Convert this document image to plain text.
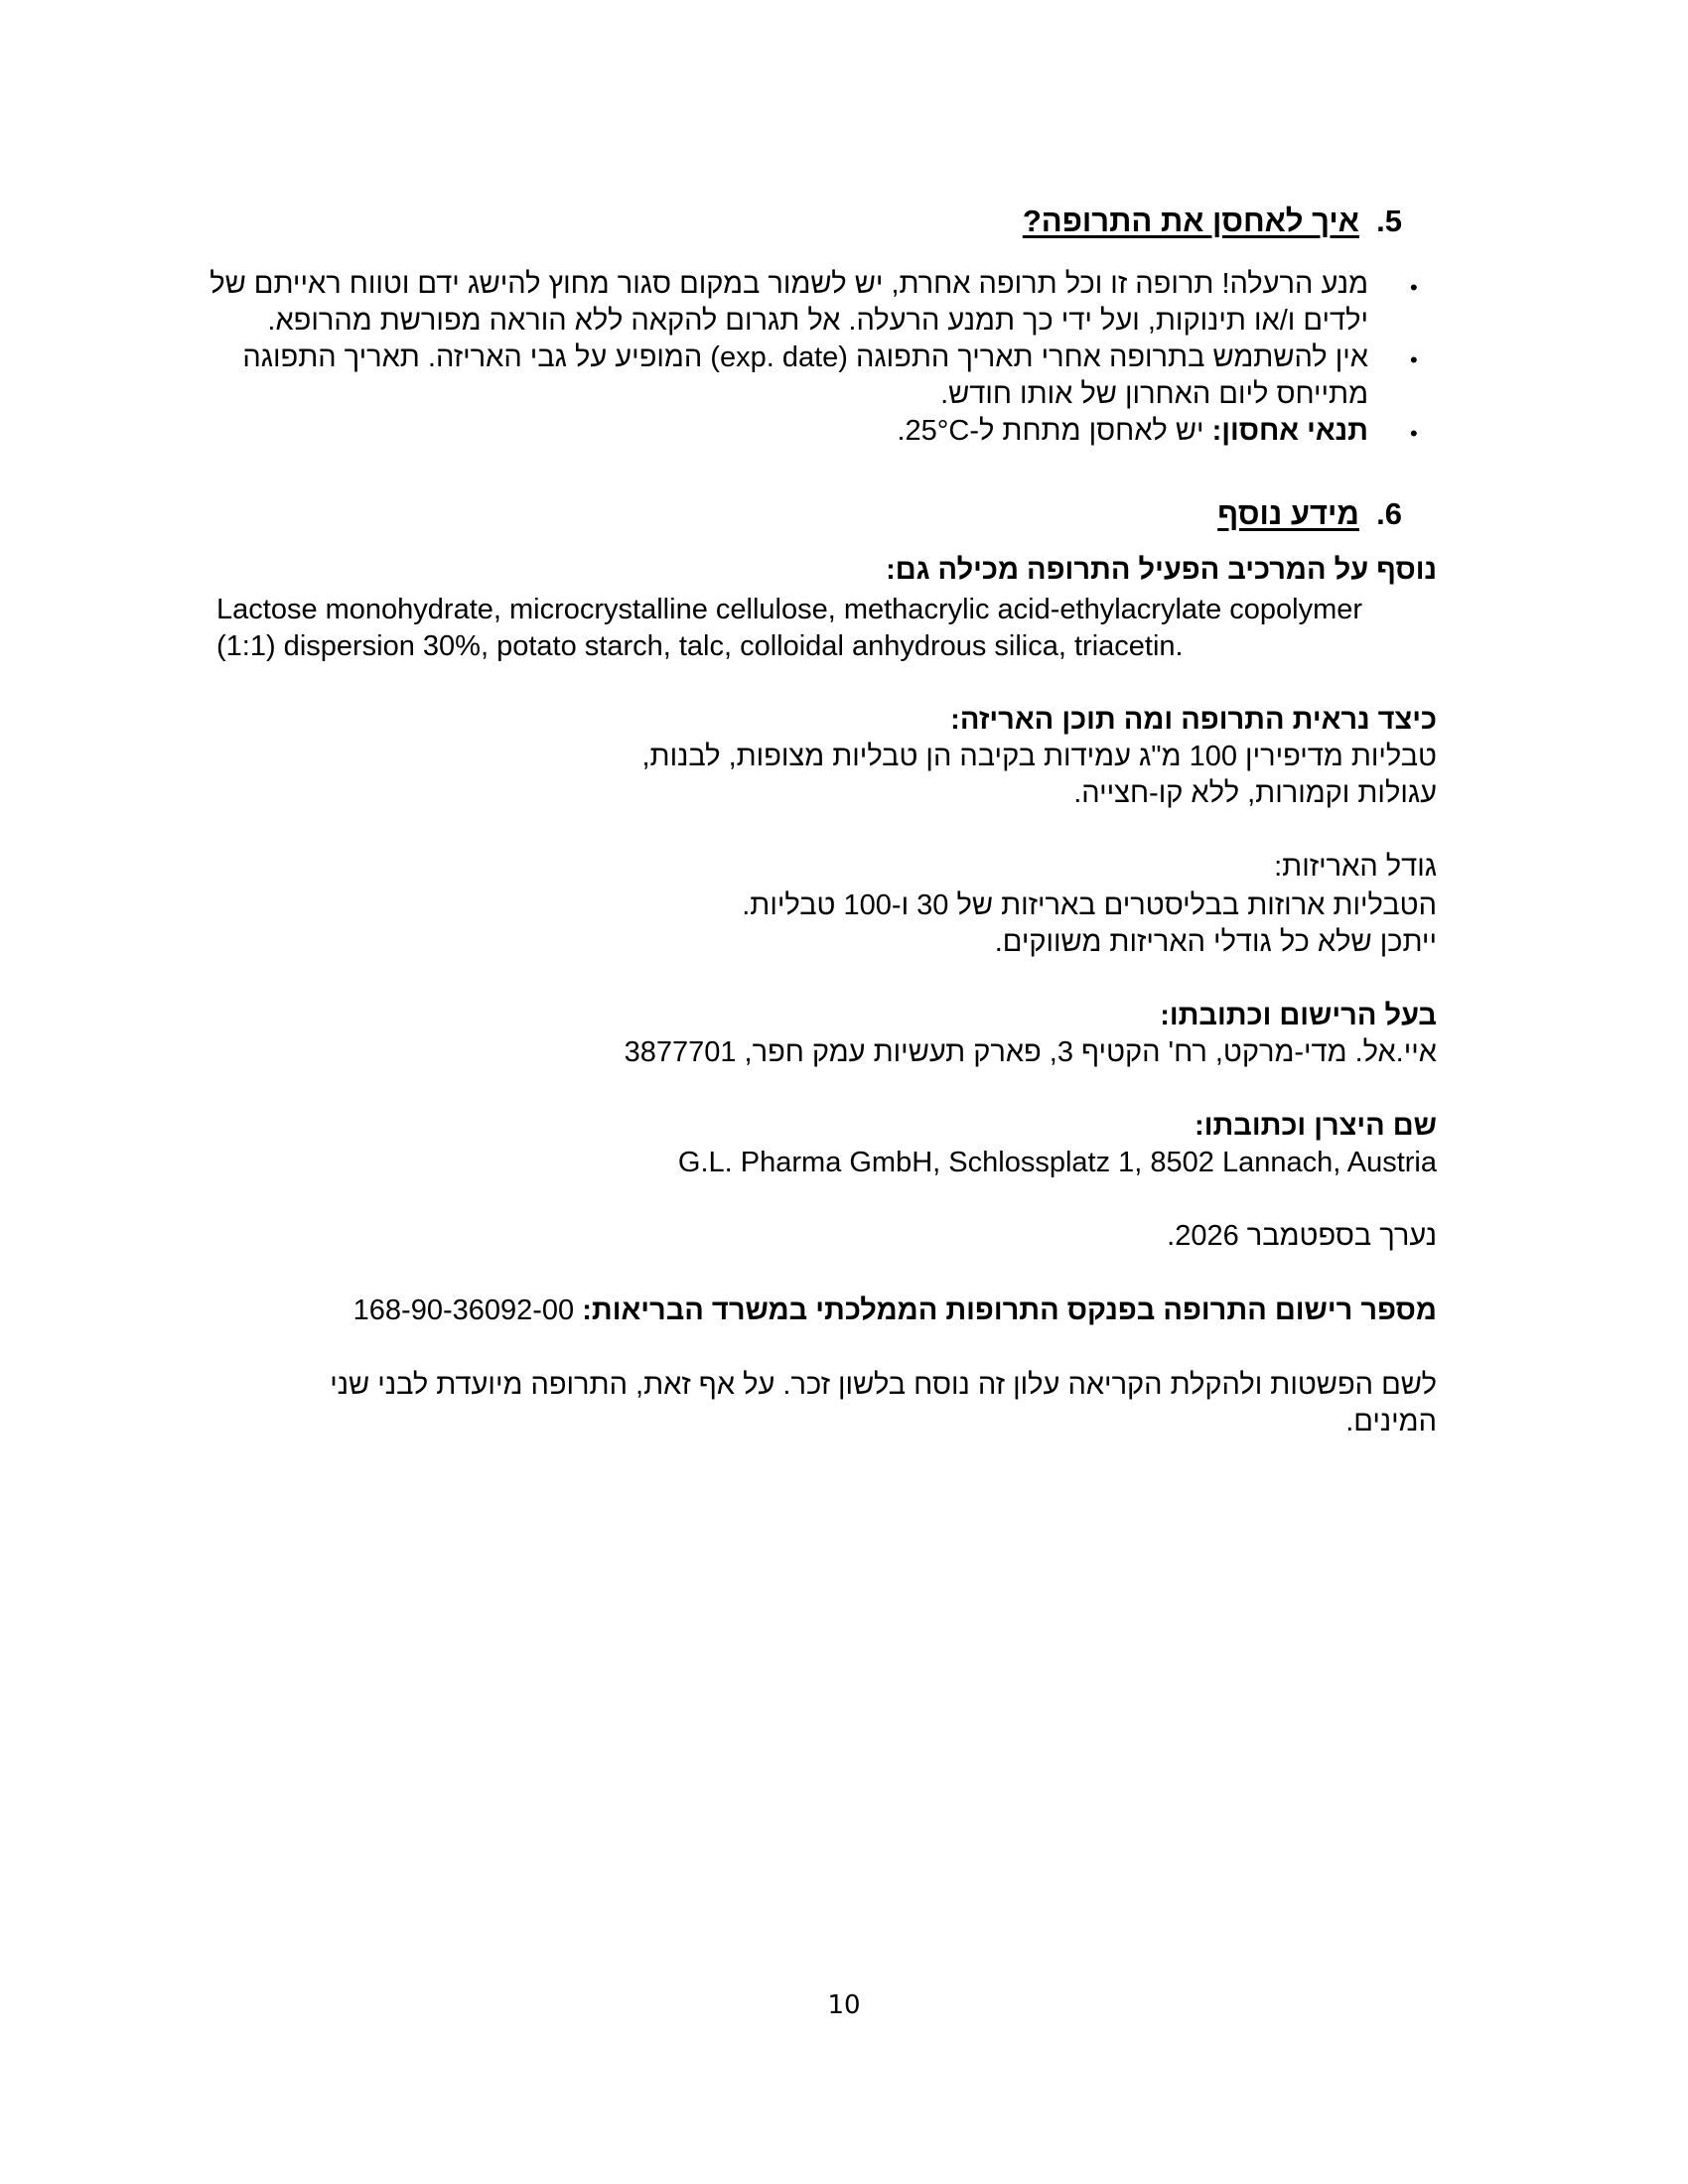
5.  איך לאחסן את התרופה?
•
מנע הרעלה! תרופה זו וכל תרופה אחרת, יש לשמור במקום סגור מחוץ להישג ידם וטווח ראייתם של
ילדים ו/או תינוקות, ועל ידי כך תמנע הרעלה. אל תגרום להקאה ללא הוראה מפורשת מהרופא.
•
אין להשתמש בתרופה אחרי תאריך התפוגה (exp. date) המופיע על גבי האריזה. תאריך התפוגה
מתייחס ליום האחרון של אותו חודש.
•
תנאי אחסון: יש לאחסן מתחת ל-25°C.
6.  מידע נוסף
נוסף על המרכיב הפעיל התרופה מכילה גם:
Lactose monohydrate, microcrystalline cellulose, methacrylic acid-ethylacrylate copolymer
(1:1) dispersion 30%, potato starch, talc, colloidal anhydrous silica, triacetin.
כיצד נראית התרופה ומה תוכן האריזה:
טבליות מדיפירין 100 מ"ג עמידות בקיבה הן טבליות מצופות, לבנות,
עגולות וקמורות, ללא קו-חצייה.
גודל האריזות:
הטבליות ארוזות בבליסטרים באריזות של 30 ו-100 טבליות.
ייתכן שלא כל גודלי האריזות משווקים.
בעל הרישום וכתובתו:
איי.אל. מדי-מרקט, רח' הקטיף 3, פארק תעשיות עמק חפר, 3877701
שם היצרן וכתובתו:
G.L. Pharma GmbH, Schlossplatz 1, 8502 Lannach, Austria
נערך בספטמבר 2026.
מספר רישום התרופה בפנקס התרופות הממלכתי במשרד הבריאות: 168-90-36092-00
לשם הפשטות ולהקלת הקריאה עלון זה נוסח בלשון זכר. על אף זאת, התרופה מיועדת לבני שני
המינים.
10
